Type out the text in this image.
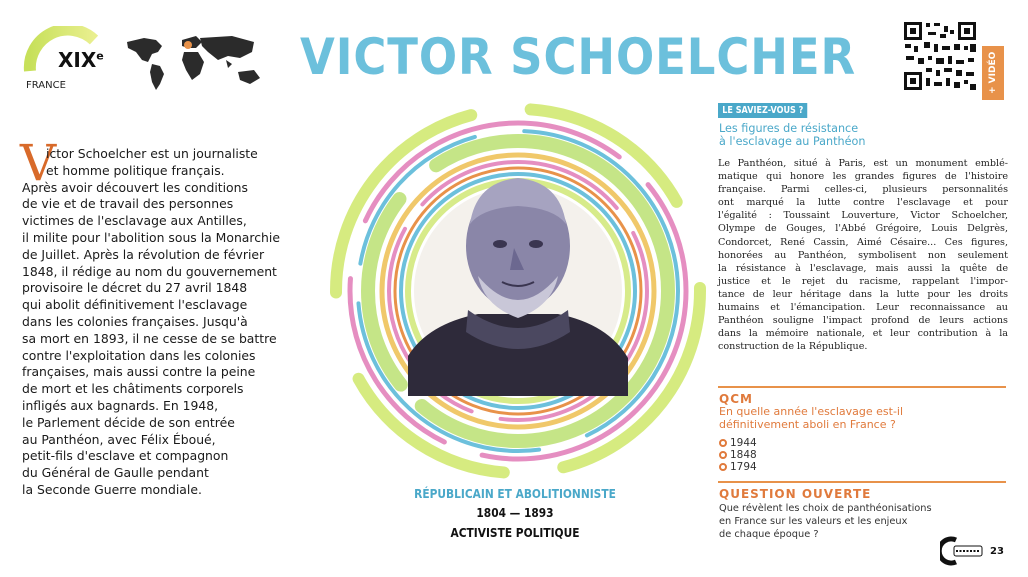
XIXe
FRANCE	VICTOR SCHOELCHER	+ VIDÉO
V
ictor Schoelcher est un journaliste
et homme politique français.
Après avoir découvert les conditions
de vie et de travail des personnes
victimes de l'esclavage aux Antilles,
il milite pour l'abolition sous la Monarchie
de Juillet. Après la révolution de février
1848, il rédige au nom du gouvernement
provisoire le décret du 27 avril 1848
qui abolit définitivement l'esclavage
dans les colonies françaises. Jusqu'à
sa mort en 1893, il ne cesse de se battre
contre l'exploitation dans les colonies
françaises, mais aussi contre la peine
de mort et les châtiments corporels
infligés aux bagnards. En 1948,
le Parlement décide de son entrée
au Panthéon, avec Félix Éboué,
petit-fils d'esclave et compagnon
du Général de Gaulle pendant
la Seconde Guerre mondiale.	RÉPUBLICAIN ET ABOLITIONNISTE
1804 — 1893
ACTIVISTE POLITIQUE
LE SAVIEZ-VOUS ?
Les figures de résistance
à l'esclavage au Panthéon
Le Panthéon, situé à Paris, est un monument emblé-
matique qui honore les grandes figures de l'histoire
française. Parmi celles-ci, plusieurs personnalités
ont marqué la lutte contre l'esclavage et pour
l'égalité : Toussaint Louverture, Victor Schoelcher,
Olympe de Gouges, l'Abbé Grégoire, Louis Delgrès,
Condorcet, René Cassin, Aimé Césaire... Ces figures,
honorées au Panthéon, symbolisent non seulement
la résistance à l'esclavage, mais aussi la quête de
justice et le rejet du racisme, rappelant l'impor-
tance de leur héritage dans la lutte pour les droits
humains et l'émancipation. Leur reconnaissance au
Panthéon souligne l'impact profond de leurs actions
dans la mémoire nationale, et leur contribution à la
construction de la République.
QCM
En quelle année l'esclavage est-il
définitivement aboli en France ?
1944
1848
1794
QUESTION OUVERTE
Que révèlent les choix de panthéonisations
en France sur les valeurs et les enjeux
de chaque époque ?
23
